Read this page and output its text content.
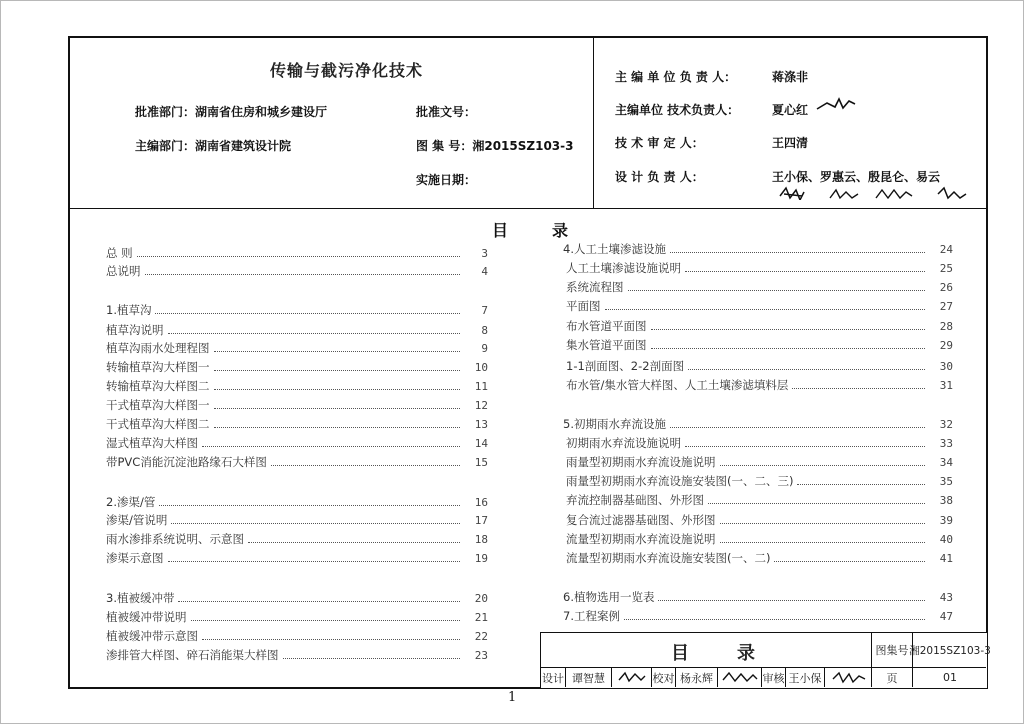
传输与截污净化技术
批准部门：湖南省住房和城乡建设厅	批准文号：
主编部门：湖南省建筑设计院	图 集 号：湘2015SZ103-3
实施日期：
主 编 单 位 负 责 人：	蒋涤非
主编单位 技术负责人：	夏心红
技 术 审 定 人：	王四清
设 计 负 责 人：	王小保、罗惠云、殷昆仑、易云
目	录
总 则	3
总说明	4
1.植草沟	7
植草沟说明	8
植草沟雨水处理程图	9
转输植草沟大样图一	10
转输植草沟大样图二	11
干式植草沟大样图一	12
干式植草沟大样图二	13
湿式植草沟大样图	14
带PVC消能沉淀池路缘石大样图	15
2.渗渠/管	16
渗渠/管说明	17
雨水渗排系统说明、示意图	18
渗渠示意图	19
3.植被缓冲带	20
植被缓冲带说明	21
植被缓冲带示意图	22
渗排管大样图、碎石消能渠大样图	23
4.人工土壤渗滤设施	24
人工土壤渗滤设施说明	25
系统流程图	26
平面图	27
布水管道平面图	28
集水管道平面图	29
1-1剖面图、2-2剖面图	30
布水管/集水管大样图、人工土壤渗滤填料层	31
5.初期雨水弃流设施	32
初期雨水弃流设施说明	33
雨量型初期雨水弃流设施说明	34
雨量型初期雨水弃流设施安装图(一、二、三)	35
弃流控制器基础图、外形图	38
复合流过滤器基础图、外形图	39
流量型初期雨水弃流设施说明	40
流量型初期雨水弃流设施安装图(一、二)	41
6.植物选用一览表	43
7.工程案例	47
目	录	图集号 湘2015SZ103-3
设计 谭智慧	校对 杨永辉	审核 王小保	页	01
1
